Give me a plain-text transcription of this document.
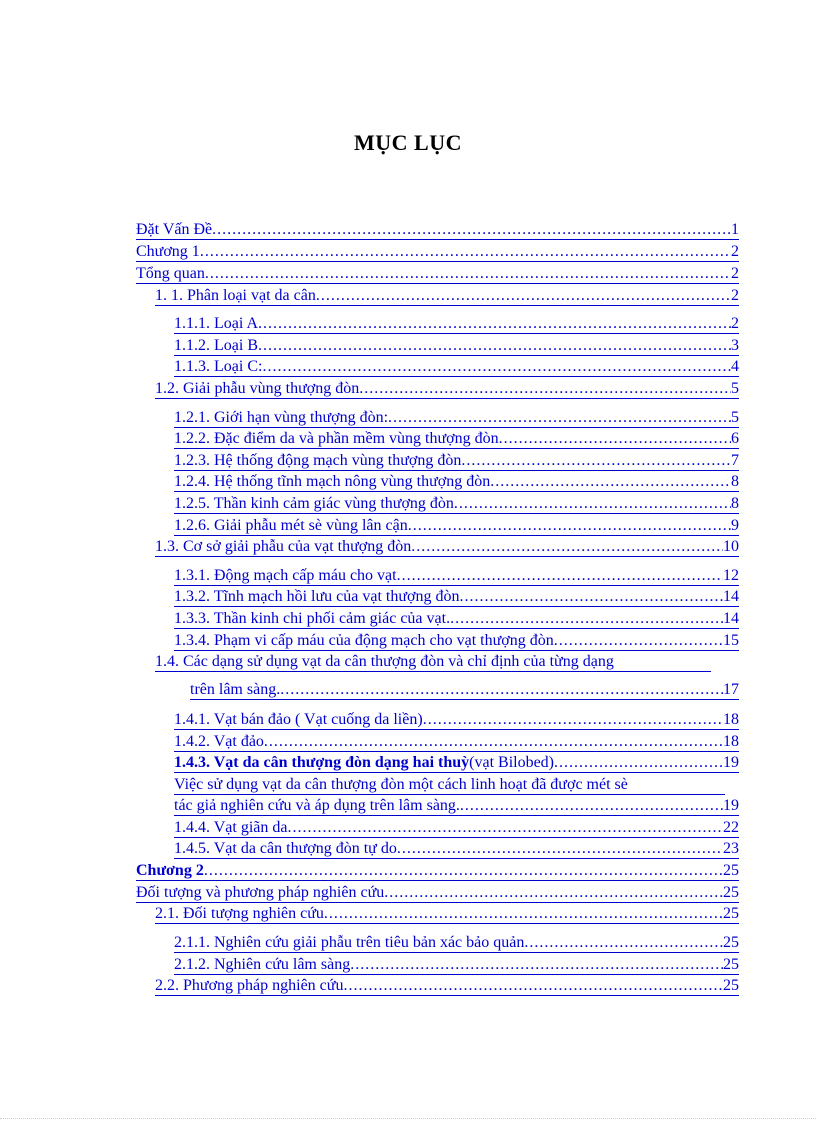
MỤC LỤC
Đặt Vấn Đề .....	1
Chương 1 .....	2
Tổng quan .....	2
1. 1. Phân loại vạt da cân .....	2
1.1.1. Loại A .....	2
1.1.2. Loại B .....	3
1.1.3. Loại C: .....	4
1.2. Giải phẫu vùng thượng đòn .....	5
1.2.1. Giới hạn vùng thượng đòn: .....	5
1.2.2. Đặc điểm da và phần mềm vùng thượng đòn .....	6
1.2.3. Hệ thống động mạch vùng thượng đòn .....	7
1.2.4. Hệ thống tĩnh mạch nông vùng thượng đòn .....	8
1.2.5. Thần kinh cảm giác vùng thượng đòn .....	8
1.2.6. Giải phẫu mét sè vùng lân cận .....	9
1.3. Cơ sở giải phẫu của vạt thượng đòn .....	10
1.3.1. Động mạch cấp máu cho vạt .....	12
1.3.2. Tĩnh mạch hồi lưu của vạt thượng đòn .....	14
1.3.3. Thần kinh chi phối cảm giác của vạt. .....	14
1.3.4. Phạm vi cấp máu của động mạch cho vạt thượng đòn .....	15
1.4. Các dạng sử dụng vạt da cân thượng đòn và chỉ định của từng dạng
trên lâm sàng. .....	17
1.4.1. Vạt bán đảo ( Vạt cuống da liền) .....	18
1.4.2. Vạt đảo .....	18
1.4.3. Vạt da cân thượng đòn dạng hai thuỳ (vạt Bilobed) .....	19
Việc sử dụng vạt da cân thượng đòn một cách linh hoạt đã được mét sè
tác giả nghiên cứu và áp dụng trên lâm sàng. .....	19
1.4.4. Vạt giãn da .....	22
1.4.5. Vạt da cân thượng đòn tự do .....	23
Chương 2 .....	25
Đối tượng và phương pháp nghiên cứu .....	25
2.1. Đối tượng nghiên cứu .....	25
2.1.1. Nghiên cứu giải phẫu trên tiêu bản xác bảo quản .....	25
2.1.2. Nghiên cứu lâm sàng .....	25
2.2. Phương pháp nghiên cứu .....	25
